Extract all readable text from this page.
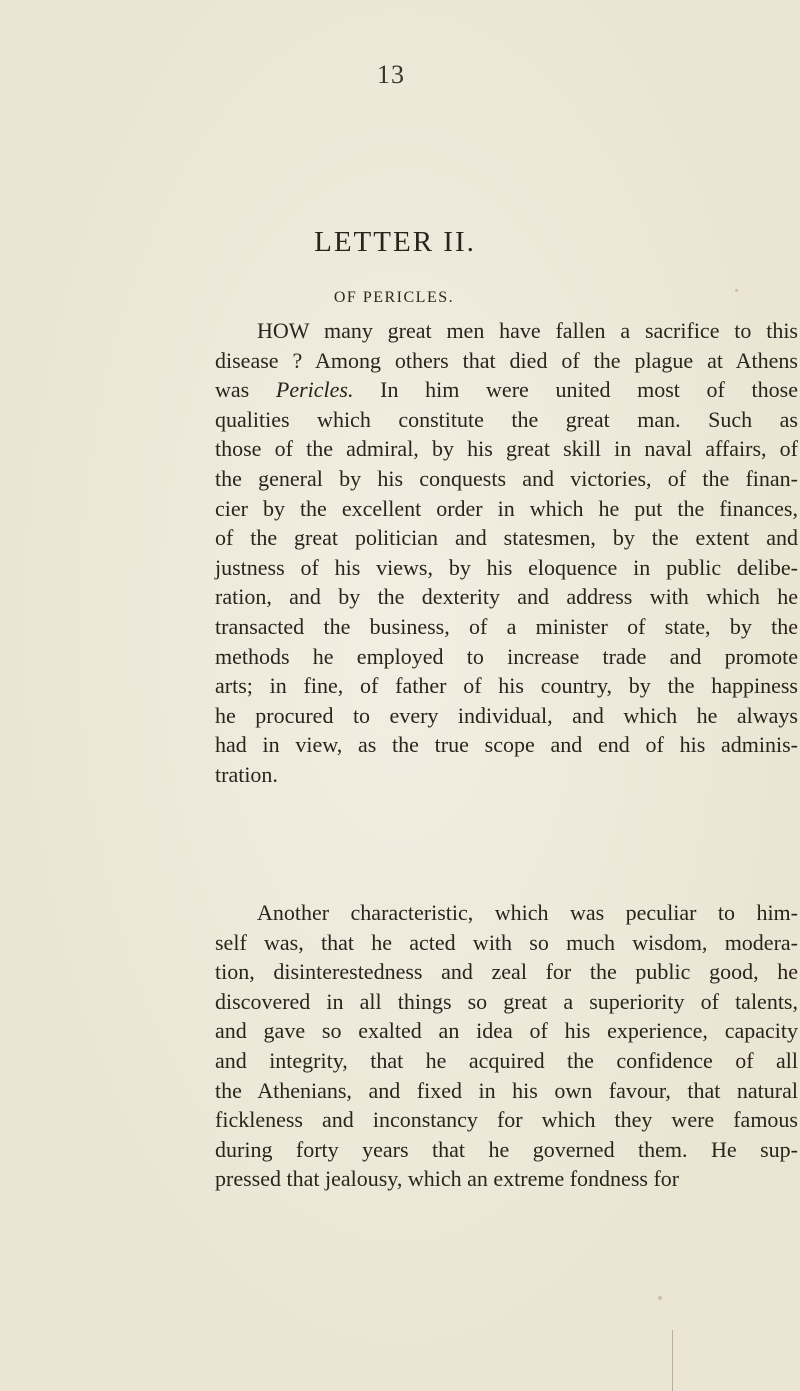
13
LETTER II.
OF PERICLES.
HOW many great men have fallen a sacrifice to this
disease ? Among others that died of the plague at Athens
was Pericles. In him were united most of those
qualities which constitute the great man. Such as
those of the admiral, by his great skill in naval affairs, of
the general by his conquests and victories, of the finan-
cier by the excellent order in which he put the finances,
of the great politician and statesmen, by the extent and
justness of his views, by his eloquence in public delibe-
ration, and by the dexterity and address with which he
transacted the business, of a minister of state, by the
methods he employed to increase trade and promote
arts; in fine, of father of his country, by the happiness
he procured to every individual, and which he always
had in view, as the true scope and end of his adminis-
tration.
Another characteristic, which was peculiar to him-
self was, that he acted with so much wisdom, modera-
tion, disinterestedness and zeal for the public good, he
discovered in all things so great a superiority of talents,
and gave so exalted an idea of his experience, capacity
and integrity, that he acquired the confidence of all
the Athenians, and fixed in his own favour, that natural
fickleness and inconstancy for which they were famous
during forty years that he governed them. He sup-
pressed that jealousy, which an extreme fondness for
